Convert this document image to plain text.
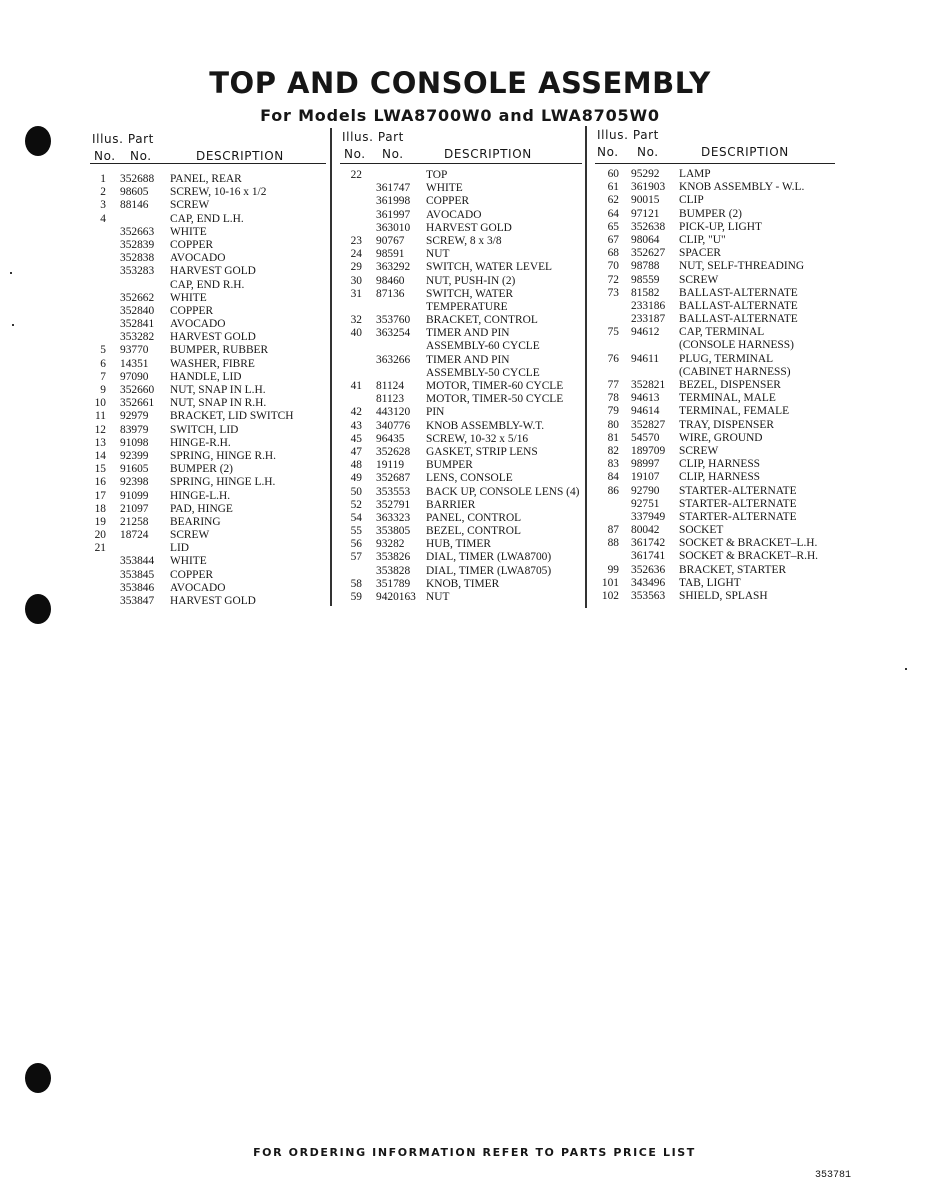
TOP AND CONSOLE ASSEMBLY
For Models LWA8700W0 and LWA8705W0
Illus. Part
No. No.	DESCRIPTION
1 352688 PANEL, REAR
2 98605 SCREW, 10-16 x 1/2
3 88146 SCREW
4	CAP, END L.H.
352663 WHITE
352839 COPPER
352838 AVOCADO
353283 HARVEST GOLD
CAP, END R.H.
352662 WHITE
352840 COPPER
352841 AVOCADO
353282 HARVEST GOLD
5 93770 BUMPER, RUBBER
6 14351 WASHER, FIBRE
7 97090 HANDLE, LID
9 352660 NUT, SNAP IN L.H.
10 352661 NUT, SNAP IN R.H.
11 92979 BRACKET, LID SWITCH
12 83979 SWITCH, LID
13 91098 HINGE-R.H.
14 92399 SPRING, HINGE R.H.
15 91605 BUMPER (2)
16 92398 SPRING, HINGE L.H.
17 91099 HINGE-L.H.
18 21097 PAD, HINGE
19 21258 BEARING
20 18724 SCREW
21	LID
353844 WHITE
353845 COPPER
353846 AVOCADO
353847 HARVEST GOLD
Illus. Part
No. No.	DESCRIPTION
22	TOP
361747 WHITE
361998 COPPER
361997 AVOCADO
363010 HARVEST GOLD
23 90767 SCREW, 8 x 3/8
24 98591 NUT
29 363292 SWITCH, WATER LEVEL
30 98460 NUT, PUSH-IN (2)
31 87136 SWITCH, WATER
TEMPERATURE
32 353760 BRACKET, CONTROL
40 363254 TIMER AND PIN
ASSEMBLY-60 CYCLE
363266 TIMER AND PIN
ASSEMBLY-50 CYCLE
41 81124 MOTOR, TIMER-60 CYCLE
81123 MOTOR, TIMER-50 CYCLE
42 443120 PIN
43 340776 KNOB ASSEMBLY-W.T.
45 96435 SCREW, 10-32 x 5/16
47 352628 GASKET, STRIP LENS
48 19119 BUMPER
49 352687 LENS, CONSOLE
50 353553 BACK UP, CONSOLE LENS (4)
52 352791 BARRIER
54 363323 PANEL, CONTROL
55 353805 BEZEL, CONTROL
56 93282 HUB, TIMER
57 353826 DIAL, TIMER (LWA8700)
353828 DIAL, TIMER (LWA8705)
58 351789 KNOB, TIMER
59 9420163 NUT
Illus. Part
No. No.	DESCRIPTION
60 95292 LAMP
61 361903 KNOB ASSEMBLY - W.L.
62 90015 CLIP
64 97121 BUMPER (2)
65 352638 PICK-UP, LIGHT
67 98064 CLIP, "U"
68 352627 SPACER
70 98788 NUT, SELF-THREADING
72 98559 SCREW
73 81582 BALLAST-ALTERNATE
233186 BALLAST-ALTERNATE
233187 BALLAST-ALTERNATE
75 94612 CAP, TERMINAL
(CONSOLE HARNESS)
76 94611 PLUG, TERMINAL
(CABINET HARNESS)
77 352821 BEZEL, DISPENSER
78 94613 TERMINAL, MALE
79 94614 TERMINAL, FEMALE
80 352827 TRAY, DISPENSER
81 54570 WIRE, GROUND
82 189709 SCREW
83 98997 CLIP, HARNESS
84 19107 CLIP, HARNESS
86 92790 STARTER-ALTERNATE
92751 STARTER-ALTERNATE
337949 STARTER-ALTERNATE
87 80042 SOCKET
88 361742 SOCKET & BRACKET–L.H.
361741 SOCKET & BRACKET–R.H.
99 352636 BRACKET, STARTER
101 343496 TAB, LIGHT
102 353563 SHIELD, SPLASH

FOR ORDERING INFORMATION REFER TO PARTS PRICE LIST

353781
